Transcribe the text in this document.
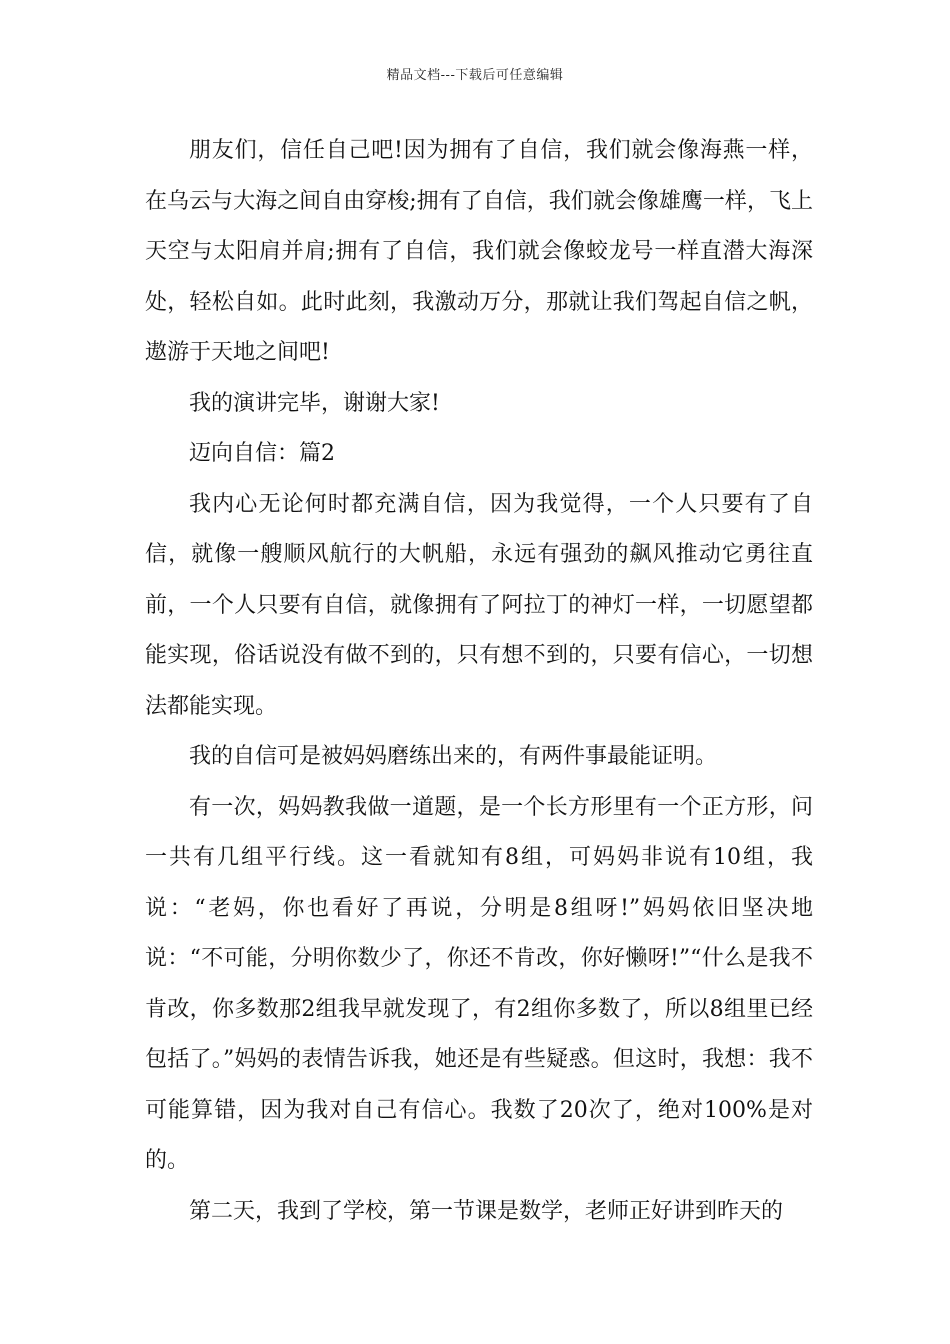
精品文档---下载后可任意编辑

朋友们，信任自己吧!因为拥有了自信，我们就会像海燕一样，在乌云与大海之间自由穿梭;拥有了自信，我们就会像雄鹰一样，飞上天空与太阳肩并肩;拥有了自信，我们就会像蛟龙号一样直潜大海深处，轻松自如。此时此刻，我激动万分，那就让我们驾起自信之帆，遨游于天地之间吧!

我的演讲完毕，谢谢大家!

迈向自信：篇2

我内心无论何时都充满自信，因为我觉得，一个人只要有了自信，就像一艘顺风航行的大帆船，永远有强劲的飙风推动它勇往直前，一个人只要有自信，就像拥有了阿拉丁的神灯一样，一切愿望都能实现，俗话说没有做不到的，只有想不到的，只要有信心，一切想法都能实现。

我的自信可是被妈妈磨练出来的，有两件事最能证明。

有一次，妈妈教我做一道题，是一个长方形里有一个正方形，问一共有几组平行线。这一看就知有8组，可妈妈非说有10组，我说：“老妈，你也看好了再说，分明是8组呀!”妈妈依旧坚决地说：“不可能，分明你数少了，你还不肯改，你好懒呀!”“什么是我不肯改，你多数那2组我早就发现了，有2组你多数了，所以8组里已经包括了。”妈妈的表情告诉我，她还是有些疑惑。但这时，我想：我不可能算错，因为我对自己有信心。我数了20次了，绝对100%是对的。

第二天，我到了学校，第一节课是数学，老师正好讲到昨天的
